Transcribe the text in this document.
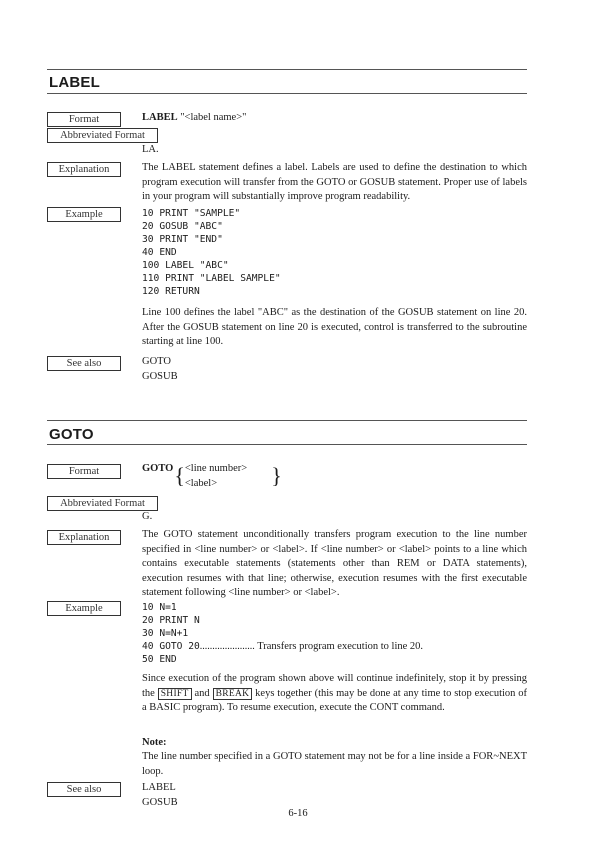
LABEL
Format	LABEL "<label name>"
Abbreviated Format
LA.
Explanation	The LABEL statement defines a label. Labels are used to define the destination to which program execution will transfer from the GOTO or GOSUB statement. Proper use of labels in your program will substantially improve program readability.
Example	10 PRINT "SAMPLE"
20 GOSUB "ABC"
30 PRINT "END"
40 END
100 LABEL "ABC"
110 PRINT "LABEL SAMPLE"
120 RETURN
Line 100 defines the label "ABC" as the destination of the GOSUB statement on line 20. After the GOSUB statement on line 20 is executed, control is transferred to the subroutine starting at line 100.
See also	GOTO
GOSUB
GOTO
Format	GOTO{ <line number>
<label>	}
Abbreviated Format
G.
Explanation	The GOTO statement unconditionally transfers program execution to the line number specified in <line number> or <label>. If <line number> or <label> points to a line which contains executable statements (statements other than REM or DATA statements), execution resumes with that line; otherwise, execution resumes with the first executable statement following <line number> or <label>.
Example	10 N=1
20 PRINT N
30 N=N+1
40 GOTO 20...................... Transfers program execution to line 20.
50 END
Since execution of the program shown above will continue indefinitely, stop it by pressing the SHIFT and BREAK keys together (this may be done at any time to stop execution of a BASIC program). To resume execution, execute the CONT command.
Note:
The line number specified in a GOTO statement may not be for a line inside a FOR~NEXT loop.
See also	LABEL
GOSUB
6-16
